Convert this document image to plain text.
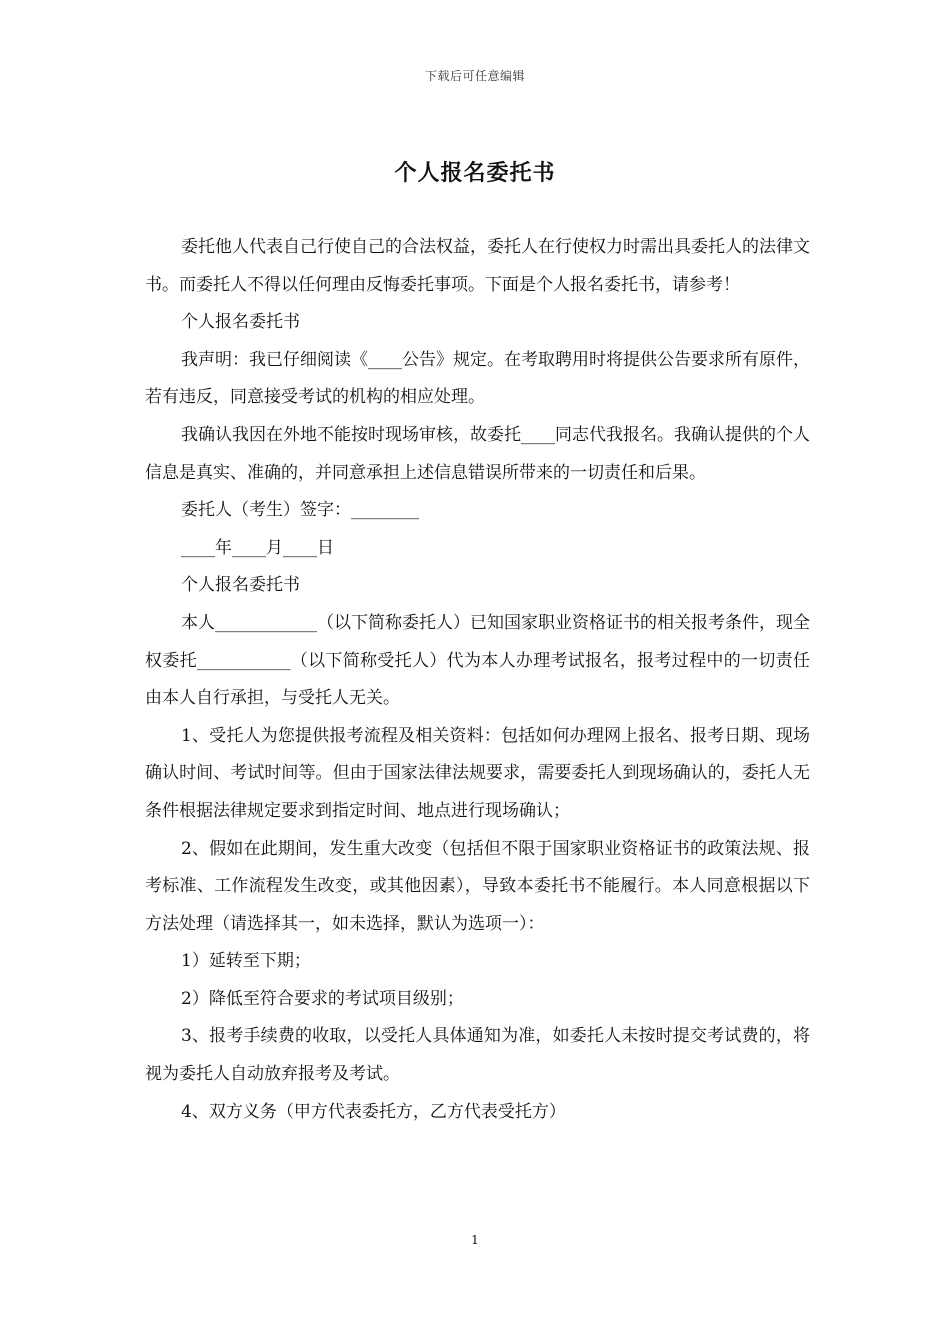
下载后可任意编辑
个人报名委托书

委托他人代表自己行使自己的合法权益，委托人在行使权力时需出具委托人的法律文书。而委托人不得以任何理由反悔委托事项。下面是个人报名委托书，请参考！

个人报名委托书

我声明：我已仔细阅读《____公告》规定。在考取聘用时将提供公告要求所有原件，若有违反，同意接受考试的机构的相应处理。

我确认我因在外地不能按时现场审核，故委托____同志代我报名。我确认提供的个人信息是真实、准确的，并同意承担上述信息错误所带来的一切责任和后果。

委托人（考生）签字：________

____年____月____日

个人报名委托书

本人____________（以下简称委托人）已知国家职业资格证书的相关报考条件，现全权委托___________（以下简称受托人）代为本人办理考试报名，报考过程中的一切责任由本人自行承担，与受托人无关。

1、受托人为您提供报考流程及相关资料：包括如何办理网上报名、报考日期、现场确认时间、考试时间等。但由于国家法律法规要求，需要委托人到现场确认的，委托人无条件根据法律规定要求到指定时间、地点进行现场确认；

2、假如在此期间，发生重大改变（包括但不限于国家职业资格证书的政策法规、报考标准、工作流程发生改变，或其他因素），导致本委托书不能履行。本人同意根据以下方法处理（请选择其一，如未选择，默认为选项一）：

1）延转至下期；

2）降低至符合要求的考试项目级别；

3、报考手续费的收取，以受托人具体通知为准，如委托人未按时提交考试费的，将视为委托人自动放弃报考及考试。

4、双方义务（甲方代表委托方，乙方代表受托方）

1
